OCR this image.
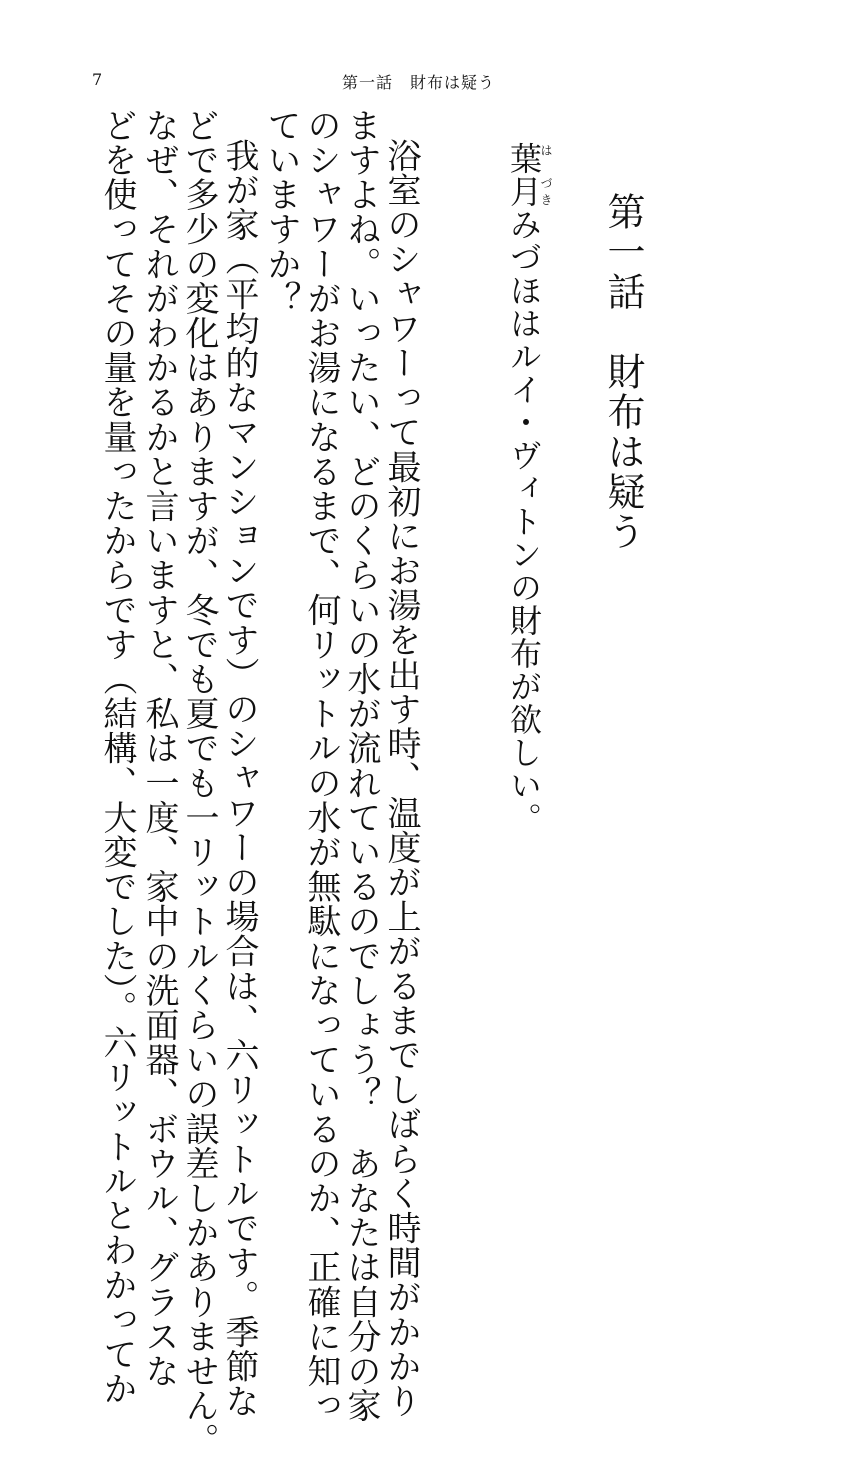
7	第一話　財布は疑う
第一話　財布は疑う
葉月は　づきみづほはルイ・ヴィトンの財布が欲しい。
浴室のシャワーって最初にお湯を出す時、温度が上がるまでしばらく時間がかかり
ますよね。いったい、どのくらいの水が流れているのでしょう？　あなたは自分の家
のシャワーがお湯になるまで、何リットルの水が無駄になっているのか、正確に知っ
ていますか？
我が家（平均的なマンションです）のシャワーの場合は、六リットルです。季節な
どで多少の変化はありますが、冬でも夏でも一リットルくらいの誤差しかありません。
なぜ、それがわかるかと言いますと、私は一度、家中の洗面器、ボウル、グラスな
どを使ってその量を量ったからです（結構、大変でした）。六リットルとわかってか
